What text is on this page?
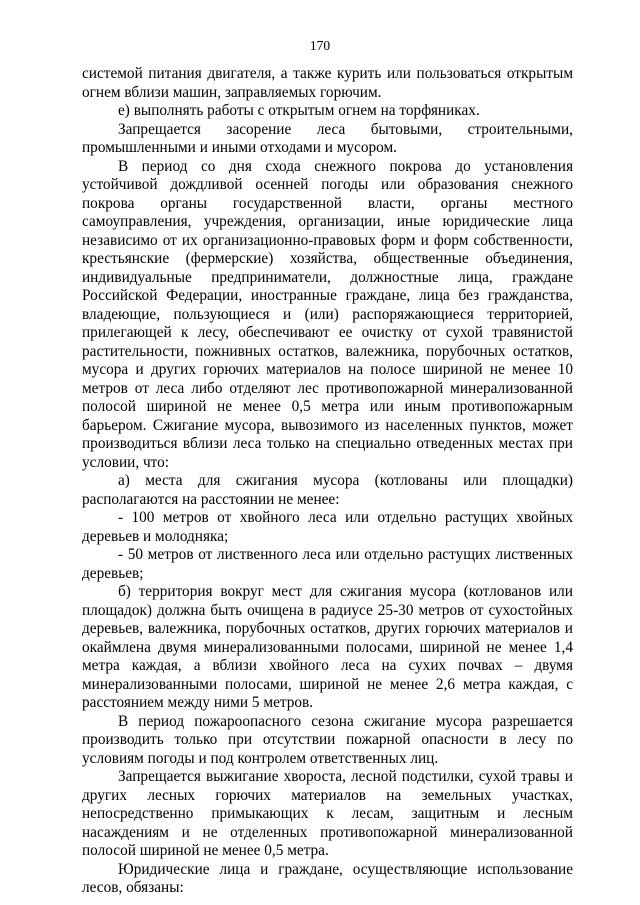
170

системой питания двигателя, а также курить или пользоваться открытым огнем вблизи машин, заправляемых горючим.

е) выполнять работы с открытым огнем на торфяниках.

Запрещается засорение леса бытовыми, строительными, промышленными и иными отходами и мусором.

В период со дня схода снежного покрова до установления устойчивой дождливой осенней погоды или образования снежного покрова органы государственной власти, органы местного самоуправления, учреждения, организации, иные юридические лица независимо от их организационно-правовых форм и форм собственности, крестьянские (фермерские) хозяйства, общественные объединения, индивидуальные предприниматели, должностные лица, граждане Российской Федерации, иностранные граждане, лица без гражданства, владеющие, пользующиеся и (или) распоряжающиеся территорией, прилегающей к лесу, обеспечивают ее очистку от сухой травянистой растительности, пожнивных остатков, валежника, порубочных остатков, мусора и других горючих материалов на полосе шириной не менее 10 метров от леса либо отделяют лес противопожарной минерализованной полосой шириной не менее 0,5 метра или иным противопожарным барьером. Сжигание мусора, вывозимого из населенных пунктов, может производиться вблизи леса только на специально отведенных местах при условии, что:

а) места для сжигания мусора (котлованы или площадки) располагаются на расстоянии не менее:

- 100 метров от хвойного леса или отдельно растущих хвойных деревьев и молодняка;

- 50 метров от лиственного леса или отдельно растущих лиственных деревьев;

б) территория вокруг мест для сжигания мусора (котлованов или площадок) должна быть очищена в радиусе 25-30 метров от сухостойных деревьев, валежника, порубочных остатков, других горючих материалов и окаймлена двумя минерализованными полосами, шириной не менее 1,4 метра каждая, а вблизи хвойного леса на сухих почвах – двумя минерализованными полосами, шириной не менее 2,6 метра каждая, с расстоянием между ними 5 метров.

В период пожароопасного сезона сжигание мусора разрешается производить только при отсутствии пожарной опасности в лесу по условиям погоды и под контролем ответственных лиц.

Запрещается выжигание хвороста, лесной подстилки, сухой травы и других лесных горючих материалов на земельных участках, непосредственно примыкающих к лесам, защитным и лесным насаждениям и не отделенных противопожарной минерализованной полосой шириной не менее 0,5 метра.

Юридические лица и граждане, осуществляющие использование лесов, обязаны:
